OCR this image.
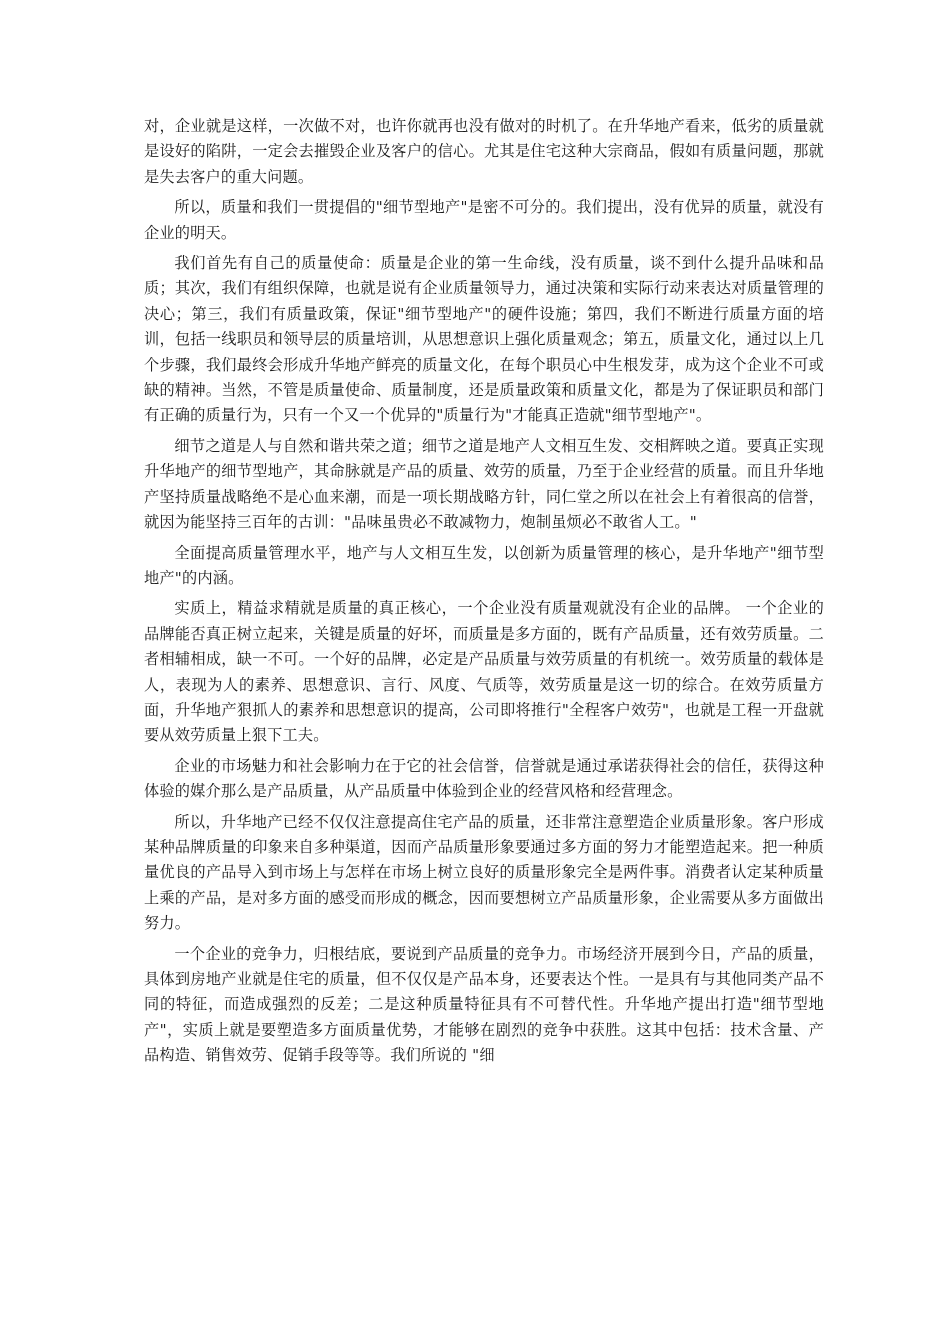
对，企业就是这样，一次做不对，也许你就再也没有做对的时机了。在升华地产看来，低劣的质量就是设好的陷阱，一定会去摧毁企业及客户的信心。尤其是住宅这种大宗商品，假如有质量问题，那就是失去客户的重大问题。

所以，质量和我们一贯提倡的"细节型地产"是密不可分的。我们提出，没有优异的质量，就没有企业的明天。

我们首先有自己的质量使命：质量是企业的第一生命线，没有质量，谈不到什么提升品味和品质；其次，我们有组织保障，也就是说有企业质量领导力，通过决策和实际行动来表达对质量管理的决心；第三，我们有质量政策，保证"细节型地产"的硬件设施；第四，我们不断进行质量方面的培训，包括一线职员和领导层的质量培训，从思想意识上强化质量观念；第五，质量文化，通过以上几个步骤，我们最终会形成升华地产鲜亮的质量文化，在每个职员心中生根发芽，成为这个企业不可或缺的精神。当然，不管是质量使命、质量制度，还是质量政策和质量文化，都是为了保证职员和部门有正确的质量行为，只有一个又一个优异的"质量行为"才能真正造就"细节型地产"。

细节之道是人与自然和谐共荣之道；细节之道是地产人文相互生发、交相辉映之道。要真正实现升华地产的细节型地产，其命脉就是产品的质量、效劳的质量，乃至于企业经营的质量。而且升华地产坚持质量战略绝不是心血来潮，而是一项长期战略方针，同仁堂之所以在社会上有着很高的信誉，就因为能坚持三百年的古训："品味虽贵必不敢减物力，炮制虽烦必不敢省人工。"

全面提高质量管理水平，地产与人文相互生发，以创新为质量管理的核心，是升华地产"细节型地产"的内涵。

实质上，精益求精就是质量的真正核心，一个企业没有质量观就没有企业的品牌。 一个企业的品牌能否真正树立起来，关键是质量的好坏，而质量是多方面的，既有产品质量，还有效劳质量。二者相辅相成，缺一不可。一个好的品牌，必定是产品质量与效劳质量的有机统一。效劳质量的载体是人，表现为人的素养、思想意识、言行、风度、气质等，效劳质量是这一切的综合。在效劳质量方面，升华地产狠抓人的素养和思想意识的提高，公司即将推行"全程客户效劳"，也就是工程一开盘就要从效劳质量上狠下工夫。

企业的市场魅力和社会影响力在于它的社会信誉，信誉就是通过承诺获得社会的信任，获得这种体验的媒介那么是产品质量，从产品质量中体验到企业的经营风格和经营理念。

所以，升华地产已经不仅仅注意提高住宅产品的质量，还非常注意塑造企业质量形象。客户形成某种品牌质量的印象来自多种渠道，因而产品质量形象要通过多方面的努力才能塑造起来。把一种质量优良的产品导入到市场上与怎样在市场上树立良好的质量形象完全是两件事。消费者认定某种质量上乘的产品，是对多方面的感受而形成的概念，因而要想树立产品质量形象，企业需要从多方面做出努力。

一个企业的竞争力，归根结底，要说到产品质量的竞争力。市场经济开展到今日，产品的质量，具体到房地产业就是住宅的质量，但不仅仅是产品本身，还要表达个性。一是具有与其他同类产品不同的特征，而造成强烈的反差；二是这种质量特征具有不可替代性。升华地产提出打造"细节型地产"，实质上就是要塑造多方面质量优势，才能够在剧烈的竞争中获胜。这其中包括：技术含量、产品构造、销售效劳、促销手段等等。我们所说的 "细
